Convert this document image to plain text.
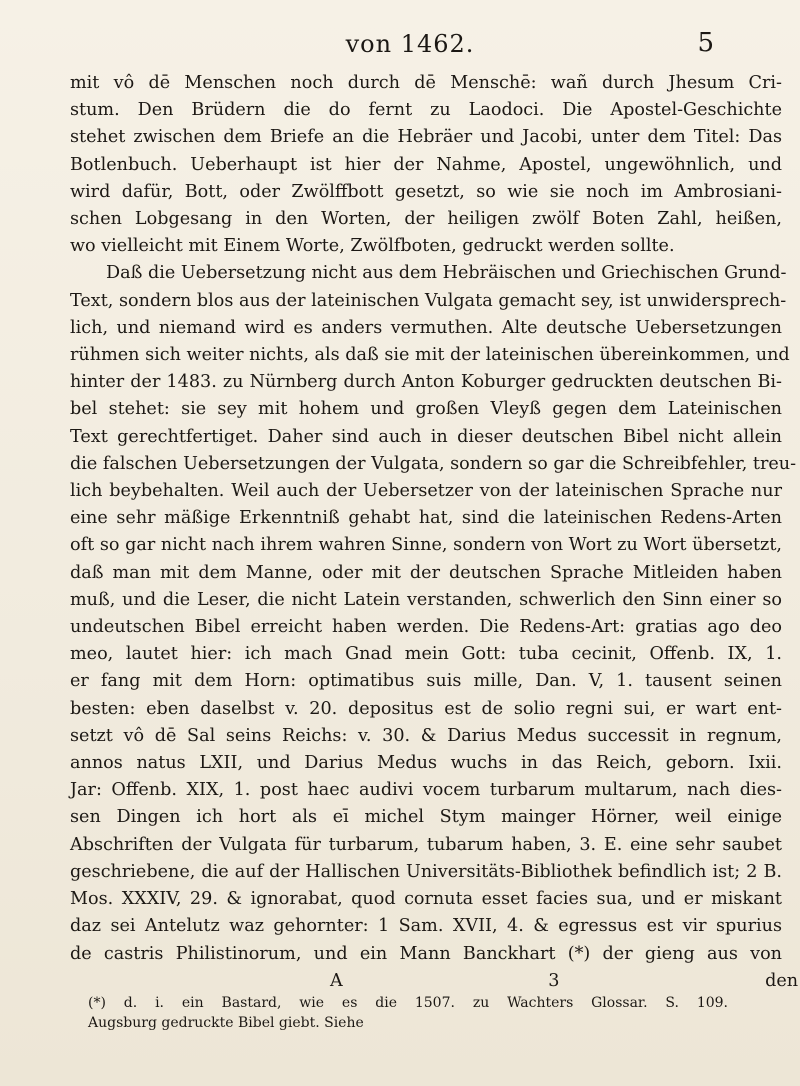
von 1462.	5
mit vô dē Menschen noch durch dē Menschē: wañ durch Jhesum Cri-
stum. Den Brüdern die do fernt zu Laodoci. Die Apostel-Geschichte
stehet zwischen dem Briefe an die Hebräer und Jacobi, unter dem Titel: Das
Botlenbuch. Ueberhaupt ist hier der Nahme, Apostel, ungewöhnlich, und
wird dafür, Bott, oder Zwölffbott gesetzt, so wie sie noch im Ambrosiani-
schen Lobgesang in den Worten, der heiligen zwölf Boten Zahl, heißen,
wo vielleicht mit Einem Worte, Zwölfboten, gedruckt werden sollte.
Daß die Uebersetzung nicht aus dem Hebräischen und Griechischen Grund-
Text, sondern blos aus der lateinischen Vulgata gemacht sey, ist unwidersprech-
lich, und niemand wird es anders vermuthen. Alte deutsche Uebersetzungen
rühmen sich weiter nichts, als daß sie mit der lateinischen übereinkommen, und
hinter der 1483. zu Nürnberg durch Anton Koburger gedruckten deutschen Bi-
bel stehet: sie sey mit hohem und großen Vleyß gegen dem Lateinischen
Text gerechtfertiget. Daher sind auch in dieser deutschen Bibel nicht allein
die falschen Uebersetzungen der Vulgata, sondern so gar die Schreibfehler, treu-
lich beybehalten. Weil auch der Uebersetzer von der lateinischen Sprache nur
eine sehr mäßige Erkenntniß gehabt hat, sind die lateinischen Redens-Arten
oft so gar nicht nach ihrem wahren Sinne, sondern von Wort zu Wort übersetzt,
daß man mit dem Manne, oder mit der deutschen Sprache Mitleiden haben
muß, und die Leser, die nicht Latein verstanden, schwerlich den Sinn einer so
undeutschen Bibel erreicht haben werden. Die Redens-Art: gratias ago deo
meo, lautet hier: ich mach Gnad mein Gott: tuba cecinit, Offenb. IX, 1.
er fang mit dem Horn: optimatibus suis mille, Dan. V, 1. tausent seinen
besten: eben daselbst v. 20. depositus est de solio regni sui, er wart ent-
setzt vô dē Sal seins Reichs: v. 30. & Darius Medus successit in regnum,
annos natus LXII, und Darius Medus wuchs in das Reich, geborn. Ixii.
Jar: Offenb. XIX, 1. post haec audivi vocem turbarum multarum, nach dies-
sen Dingen ich hort als eī michel Stym mainger Hörner, weil einige
Abschriften der Vulgata für turbarum, tubarum haben, 3. E. eine sehr saubet
geschriebene, die auf der Hallischen Universitäts-Bibliothek befindlich ist; 2 B.
Mos. XXXIV, 29. & ignorabat, quod cornuta esset facies sua, und er miskant
daz sei Antelutz waz gehornter: 1 Sam. XVII, 4. & egressus est vir spurius
de castris Philistinorum, und ein Mann Banckhart (*) der gieng aus von
A 3 den
(*) d. i. ein Bastard, wie es die 1507. zu Wachters Glossar. S. 109.
Augsburg gedruckte Bibel giebt. Siehe
